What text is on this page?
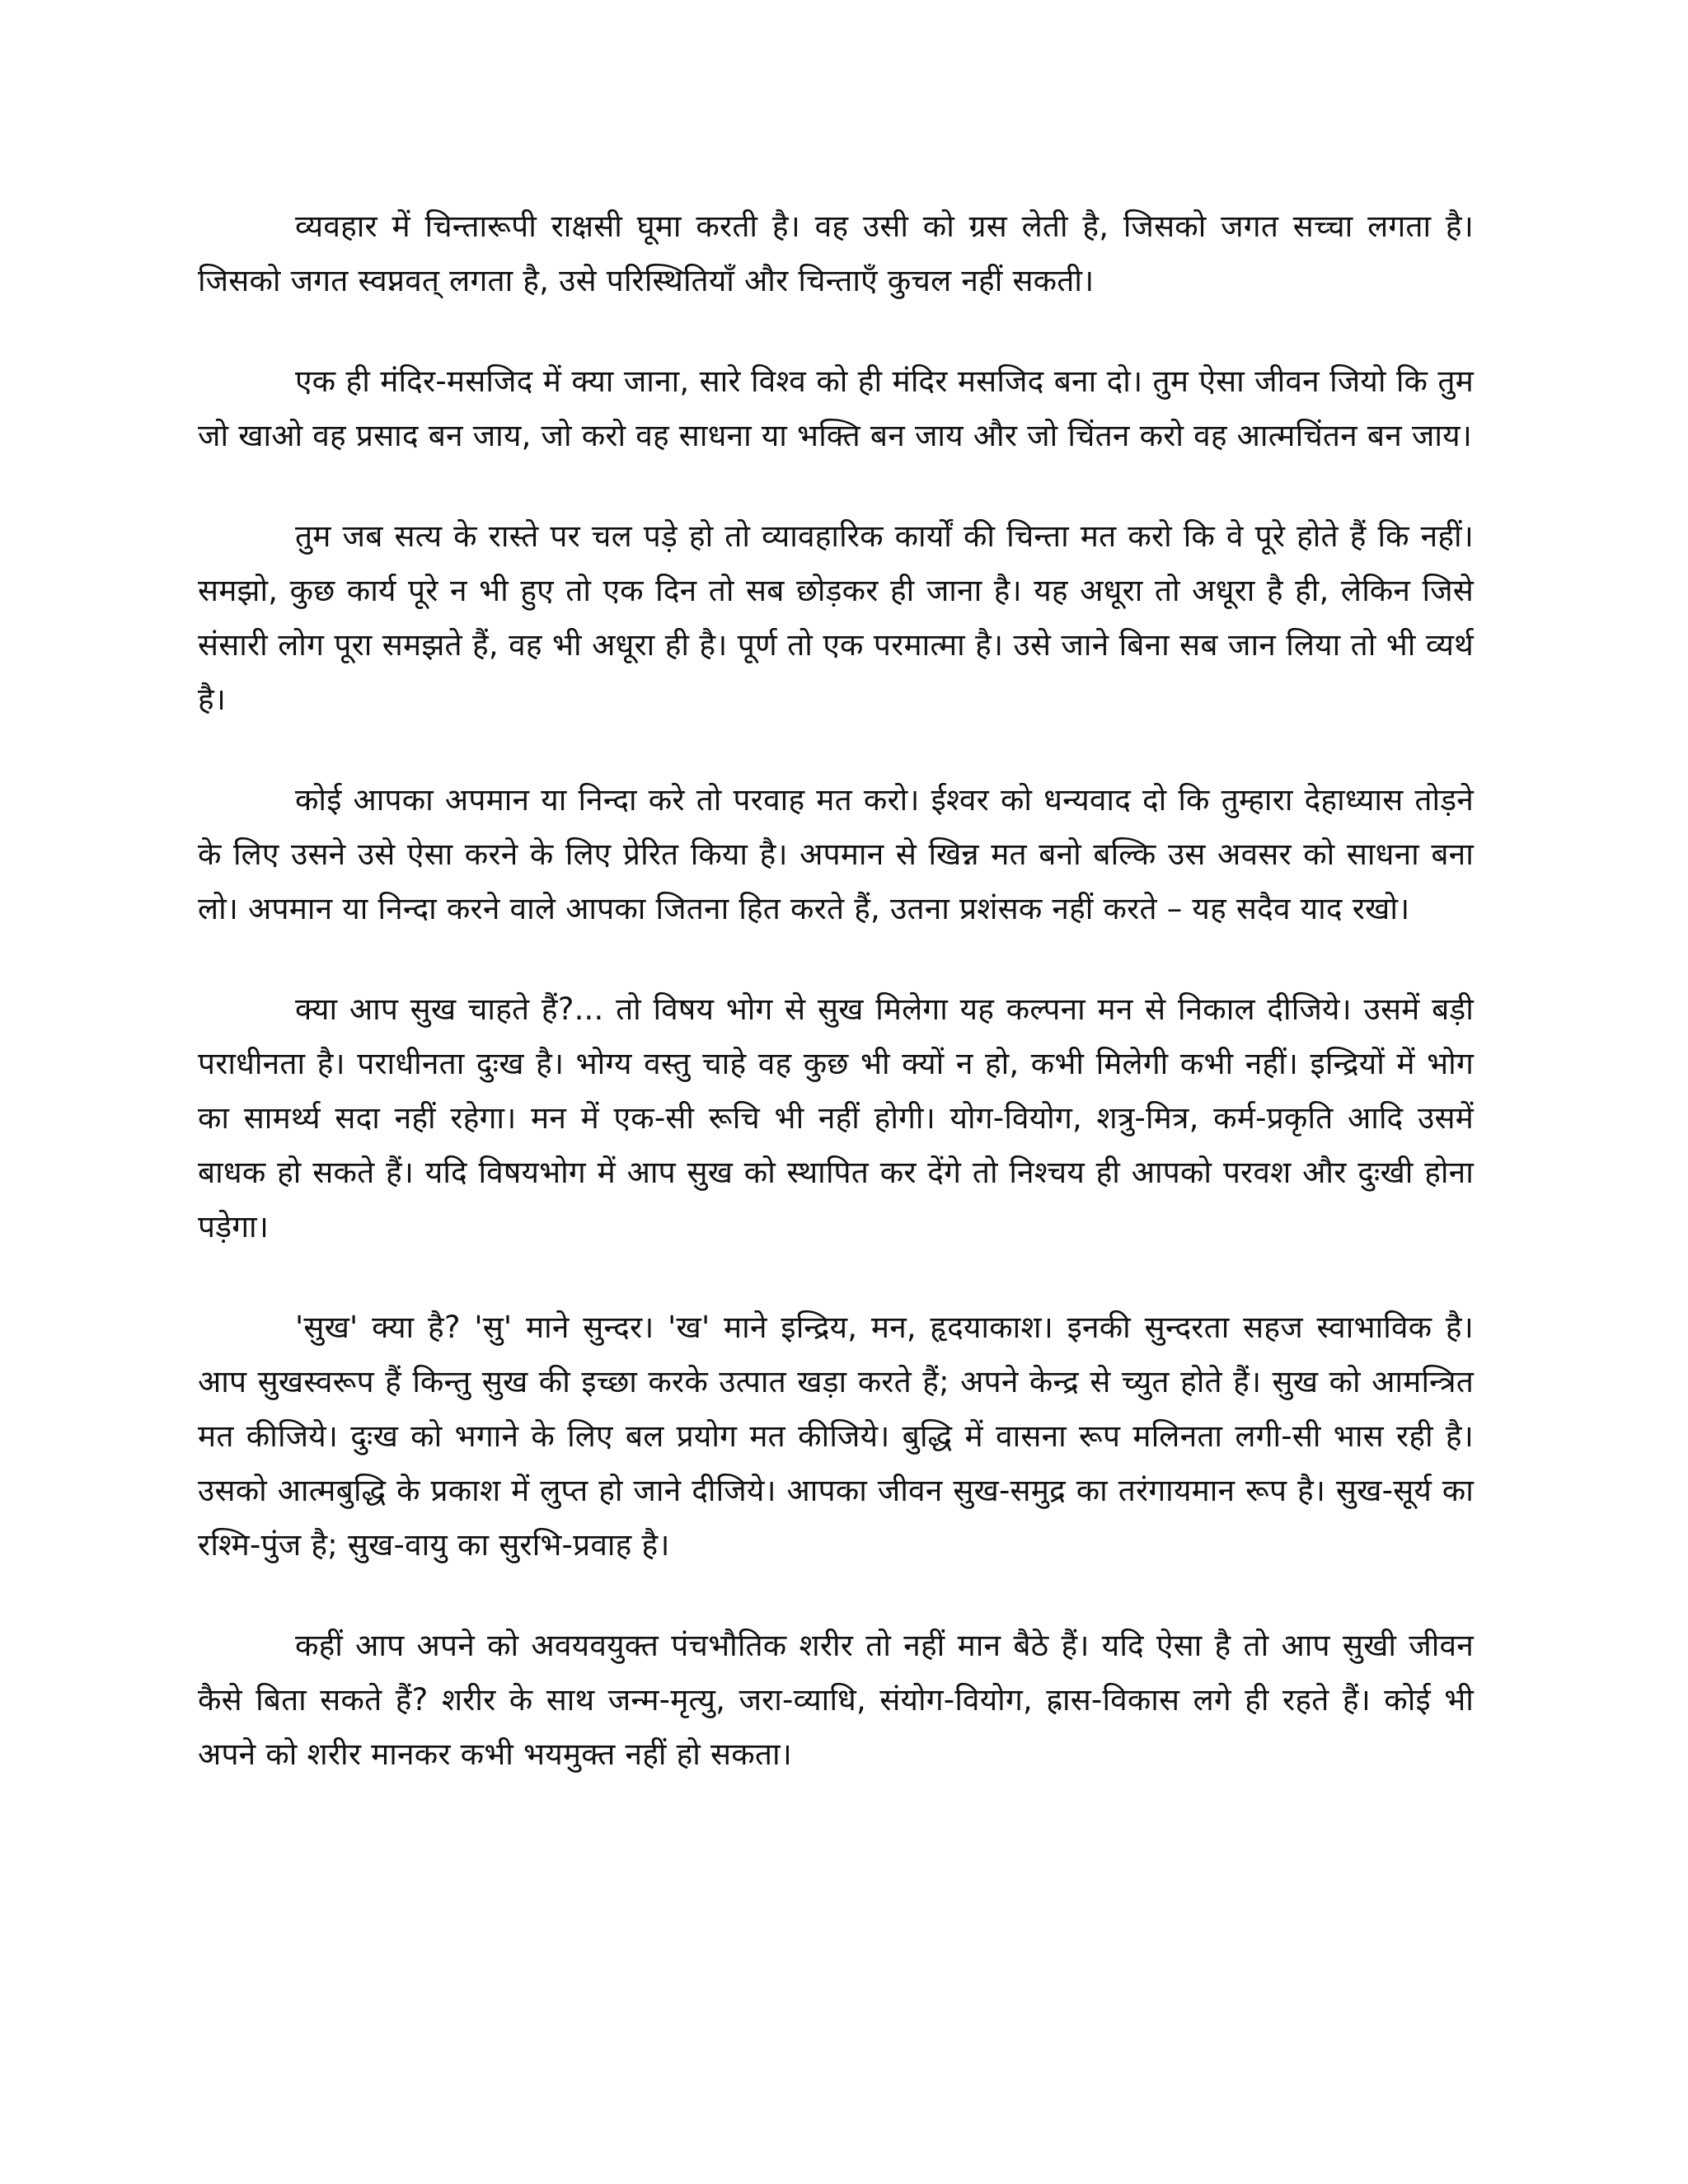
व्यवहार में चिन्तारूपी राक्षसी घूमा करती है। वह उसी को ग्रस लेती है, जिसको जगत सच्चा लगता है। जिसको जगत स्वप्नवत् लगता है, उसे परिस्थितियाँ और चिन्ताएँ कुचल नहीं सकती।

एक ही मंदिर-मसजिद में क्या जाना, सारे विश्व को ही मंदिर मसजिद बना दो। तुम ऐसा जीवन जियो कि तुम जो खाओ वह प्रसाद बन जाय, जो करो वह साधना या भक्ति बन जाय और जो चिंतन करो वह आत्मचिंतन बन जाय।

तुम जब सत्य के रास्ते पर चल पड़े हो तो व्यावहारिक कार्यों की चिन्ता मत करो कि वे पूरे होते हैं कि नहीं। समझो, कुछ कार्य पूरे न भी हुए तो एक दिन तो सब छोड़कर ही जाना है। यह अधूरा तो अधूरा है ही, लेकिन जिसे संसारी लोग पूरा समझते हैं, वह भी अधूरा ही है। पूर्ण तो एक परमात्मा है। उसे जाने बिना सब जान लिया तो भी व्यर्थ है।

कोई आपका अपमान या निन्दा करे तो परवाह मत करो। ईश्वर को धन्यवाद दो कि तुम्हारा देहाध्यास तोड़ने के लिए उसने उसे ऐसा करने के लिए प्रेरित किया है। अपमान से खिन्न मत बनो बल्कि उस अवसर को साधना बना लो। अपमान या निन्दा करने वाले आपका जितना हित करते हैं, उतना प्रशंसक नहीं करते – यह सदैव याद रखो।

क्या आप सुख चाहते हैं?... तो विषय भोग से सुख मिलेगा यह कल्पना मन से निकाल दीजिये। उसमें बड़ी पराधीनता है। पराधीनता दुःख है। भोग्य वस्तु चाहे वह कुछ भी क्यों न हो, कभी मिलेगी कभी नहीं। इन्द्रियों में भोग का सामर्थ्य सदा नहीं रहेगा। मन में एक-सी रूचि भी नहीं होगी। योग-वियोग, शत्रु-मित्र, कर्म-प्रकृति आदि उसमें बाधक हो सकते हैं। यदि विषयभोग में आप सुख को स्थापित कर देंगे तो निश्चय ही आपको परवश और दुःखी होना पड़ेगा।

'सुख' क्या है? 'सु' माने सुन्दर। 'ख' माने इन्द्रिय, मन, हृदयाकाश। इनकी सुन्दरता सहज स्वाभाविक है। आप सुखस्वरूप हैं किन्तु सुख की इच्छा करके उत्पात खड़ा करते हैं; अपने केन्द्र से च्युत होते हैं। सुख को आमन्त्रित मत कीजिये। दुःख को भगाने के लिए बल प्रयोग मत कीजिये। बुद्धि में वासना रूप मलिनता लगी-सी भास रही है। उसको आत्मबुद्धि के प्रकाश में लुप्त हो जाने दीजिये। आपका जीवन सुख-समुद्र का तरंगायमान रूप है। सुख-सूर्य का रश्मि-पुंज है; सुख-वायु का सुरभि-प्रवाह है।

कहीं आप अपने को अवयवयुक्त पंचभौतिक शरीर तो नहीं मान बैठे हैं। यदि ऐसा है तो आप सुखी जीवन कैसे बिता सकते हैं? शरीर के साथ जन्म-मृत्यु, जरा-व्याधि, संयोग-वियोग, ह्रास-विकास लगे ही रहते हैं। कोई भी अपने को शरीर मानकर कभी भयमुक्त नहीं हो सकता।
